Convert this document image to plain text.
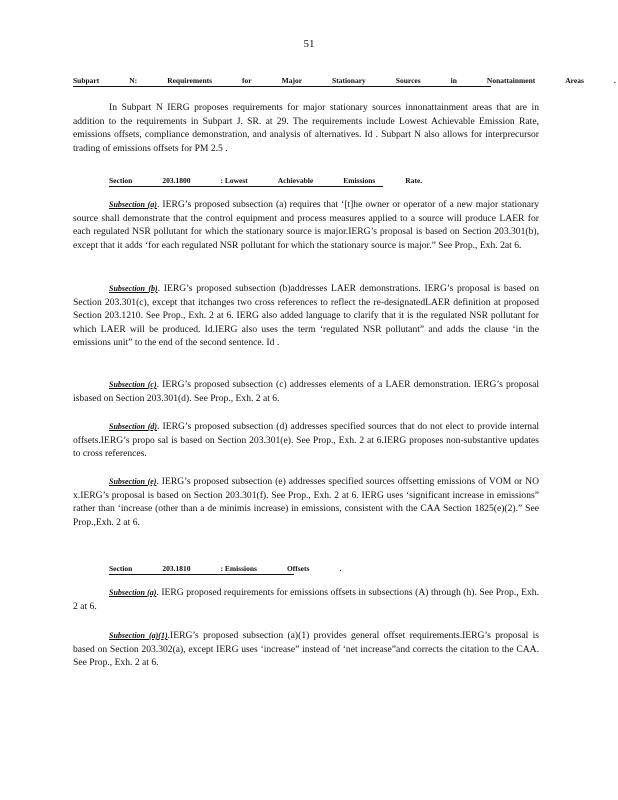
51
Subpart	N:	Requirements	for	Major	Stationary	Sources	in	Nonattainment	Areas	.
In Subpart N IERG proposes requirements for major stationary sources innonattainment areas that are in addition to the requirements in Subpart J. SR. at 29. The requirements include Lowest Achievable Emission Rate, emissions offsets, compliance demonstration, and analysis of alternatives. Id . Subpart N also allows for interprecursor trading of emissions offsets for PM 2.5 .
Section	203.1800	: Lowest	Achievable	Emissions	Rate.
Subsection (a). IERG’s proposed subsection (a) requires that ‘[t]he owner or operator of a new major stationary source shall demonstrate that the control equipment and process measures applied to a source will produce LAER for each regulated NSR pollutant for which the stationary source is major.IERG’s proposal is based on Section 203.301(b), except that it adds ‘for each regulated NSR pollutant for which the stationary source is major.” See Prop., Exh. 2at 6.
Subsection (b). IERG’s proposed subsection (b)addresses LAER demonstrations. IERG’s proposal is based on Section 203.301(c), except that itchanges two cross references to reflect the re-designatedLAER definition at proposed Section 203.1210. See Prop., Exh. 2 at 6. IERG also added language to clarify that it is the regulated NSR pollutant for which LAER will be produced. Id.IERG also uses the term ‘regulated NSR pollutant” and adds the clause ‘in the emissions unit” to the end of the second sentence. Id .
Subsection (c). IERG’s proposed subsection (c) addresses elements of a LAER demonstration. IERG’s proposal isbased on Section 203.301(d). See Prop., Exh. 2 at 6.
Subsection (d). IERG’s proposed subsection (d) addresses specified sources that do not elect to provide internal offsets.IERG’s propo sal is based on Section 203.301(e). See Prop., Exh. 2 at 6.IERG proposes non-substantive updates to cross references.
Subsection (e). IERG’s proposed subsection (e) addresses specified sources offsetting emissions of VOM or NO x.IERG’s proposal is based on Section 203.301(f). See Prop., Exh. 2 at 6. IERG uses ‘significant increase in emissions” rather than ‘increase (other than a de minimis increase) in emissions, consistent with the CAA Section 1825(e)(2).” See Prop.,Exh. 2 at 6.
Section	203.1810	: Emissions	Offsets	.
Subsection (a). IERG proposed requirements for emissions offsets in subsections (A) through (h). See Prop., Exh. 2 at 6.
Subsection (a)(1).IERG’s proposed subsection (a)(1) provides general offset requirements.IERG’s proposal is based on Section 203.302(a), except IERG uses ‘increase” instead of ‘net increase”and corrects the citation to the CAA. See Prop., Exh. 2 at 6.
